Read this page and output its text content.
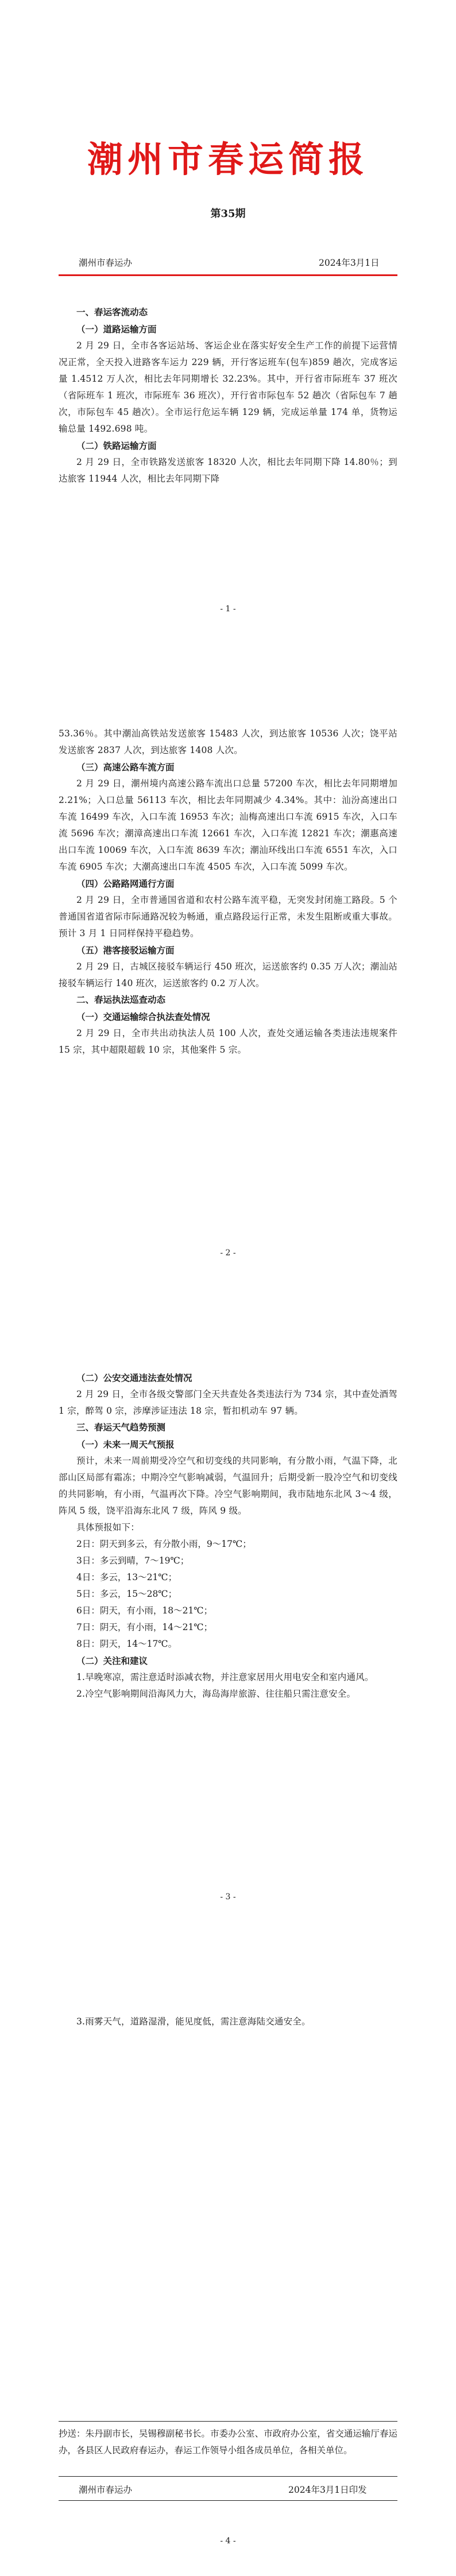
潮州市春运简报
第35期
潮州市春运办	2024年3月1日
一、春运客流动态
（一）道路运输方面
2 月 29 日，全市各客运站场、客运企业在落实好安全生产工作的前提下运营情况正常，全天投入进路客车运力 229 辆，开行客运班车(包车)859 趟次，完成客运量 1.4512 万人次，相比去年同期增长 32.23%。其中，开行省市际班车 37 班次（省际班车 1 班次，市际班车 36 班次），开行省市际包车 52 趟次（省际包车 7 趟次，市际包车 45 趟次）。全市运行危运车辆 129 辆，完成运单量 174 单，货物运输总量 1492.698 吨。
（二）铁路运输方面
2 月 29 日，全市铁路发送旅客 18320 人次，相比去年同期下降 14.80％；到达旅客 11944 人次，相比去年同期下降
- 1 -
53.36％。其中潮汕高铁站发送旅客 15483 人次，到达旅客 10536 人次；饶平站发送旅客 2837 人次，到达旅客 1408 人次。
（三）高速公路车流方面
2 月 29 日，潮州境内高速公路车流出口总量 57200 车次，相比去年同期增加 2.21%；入口总量 56113 车次，相比去年同期减少 4.34%。其中：汕汾高速出口车流 16499 车次，入口车流 16953 车次；汕梅高速出口车流 6915 车次，入口车流 5696 车次；潮漳高速出口车流 12661 车次，入口车流 12821 车次；潮惠高速出口车流 10069 车次，入口车流 8639 车次；潮汕环线出口车流 6551 车次，入口车流 6905 车次；大潮高速出口车流 4505 车次，入口车流 5099 车次。
（四）公路路网通行方面
2 月 29 日，全市普通国省道和农村公路车流平稳，无突发封闭施工路段。5 个普通国省道省际市际通路况较为畅通，重点路段运行正常，未发生阻断或重大事故。预计 3 月 1 日同样保持平稳趋势。
（五）港客接驳运输方面
2 月 29 日，古城区接驳车辆运行 450 班次，运送旅客约 0.35 万人次；潮汕站接驳车辆运行 140 班次，运送旅客约 0.2 万人次。
二、春运执法巡查动态
（一）交通运输综合执法查处情况
2 月 29 日，全市共出动执法人员 100 人次，查处交通运输各类违法违规案件 15 宗，其中超限超载 10 宗，其他案件 5 宗。
- 2 -
（二）公安交通违法查处情况
2 月 29 日，全市各级交警部门全天共查处各类违法行为 734 宗，其中查处酒驾 1 宗，醉驾 0 宗，涉摩涉证违法 18 宗，暂扣机动车 97 辆。
三、春运天气趋势预测
（一）未来一周天气预报
预计，未来一周前期受冷空气和切变线的共同影响，有分散小雨，气温下降，北部山区局部有霜冻；中期冷空气影响减弱，气温回升；后期受新一股冷空气和切变线的共同影响，有小雨，气温再次下降。冷空气影响期间，我市陆地东北风 3～4 级，阵风 5 级，饶平沿海东北风 7 级，阵风 9 级。
具体预报如下：
2日：阴天到多云，有分散小雨，9～17℃；
3日：多云到晴，7～19℃；
4日：多云，13～21℃；
5日：多云，15～28℃；
6日：阴天，有小雨，18～21℃；
7日：阴天，有小雨，14～21℃；
8日：阴天，14～17℃。
（二）关注和建议
1.早晚寒凉，需注意适时添减衣物，并注意家居用火用电安全和室内通风。
2.冷空气影响期间沿海风力大，海岛海岸旅游、往往船只需注意安全。
- 3 -
3.雨雾天气，道路湿滑，能见度低，需注意海陆交通安全。
抄送：朱丹副市长，吴锡穆副秘书长。市委办公室、市政府办公室，省交通运输厅春运办，各县区人民政府春运办，春运工作领导小组各成员单位，各相关单位。
潮州市春运办	2024年3月1日印发
- 4 -
